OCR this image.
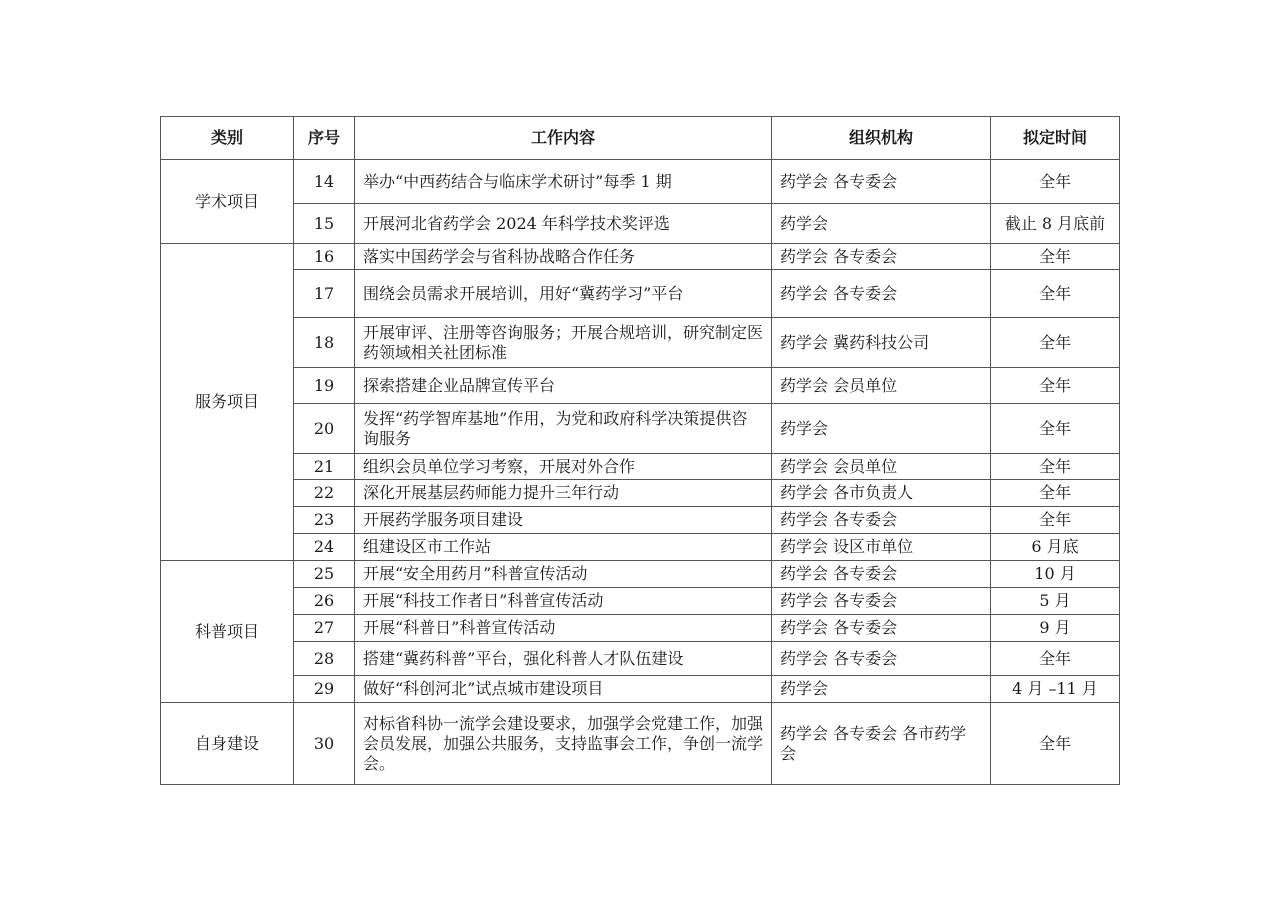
类别	序号	工作内容	组织机构	拟定时间
学术项目	14	举办“中西药结合与临床学术研讨”每季 1 期	药学会 各专委会	全年
	15	开展河北省药学会 2024 年科学技术奖评选	药学会	截止 8 月底前
服务项目	16	落实中国药学会与省科协战略合作任务	药学会 各专委会	全年
	17	围绕会员需求开展培训，用好“冀药学习”平台	药学会 各专委会	全年
	18	开展审评、注册等咨询服务；开展合规培训，研究制定医药领域相关社团标准	药学会 冀药科技公司	全年
	19	探索搭建企业品牌宣传平台	药学会 会员单位	全年
	20	发挥“药学智库基地”作用，为党和政府科学决策提供咨询服务	药学会	全年
	21	组织会员单位学习考察，开展对外合作	药学会 会员单位	全年
	22	深化开展基层药师能力提升三年行动	药学会 各市负责人	全年
	23	开展药学服务项目建设	药学会 各专委会	全年
	24	组建设区市工作站	药学会 设区市单位	6 月底
科普项目	25	开展“安全用药月”科普宣传活动	药学会 各专委会	10 月
	26	开展“科技工作者日”科普宣传活动	药学会 各专委会	5 月
	27	开展“科普日”科普宣传活动	药学会 各专委会	9 月
	28	搭建“冀药科普”平台，强化科普人才队伍建设	药学会 各专委会	全年
	29	做好“科创河北”试点城市建设项目	药学会	4 月 –11 月
自身建设	30	对标省科协一流学会建设要求，加强学会党建工作，加强会员发展，加强公共服务，支持监事会工作，争创一流学会。	药学会 各专委会 各市药学会	全年
